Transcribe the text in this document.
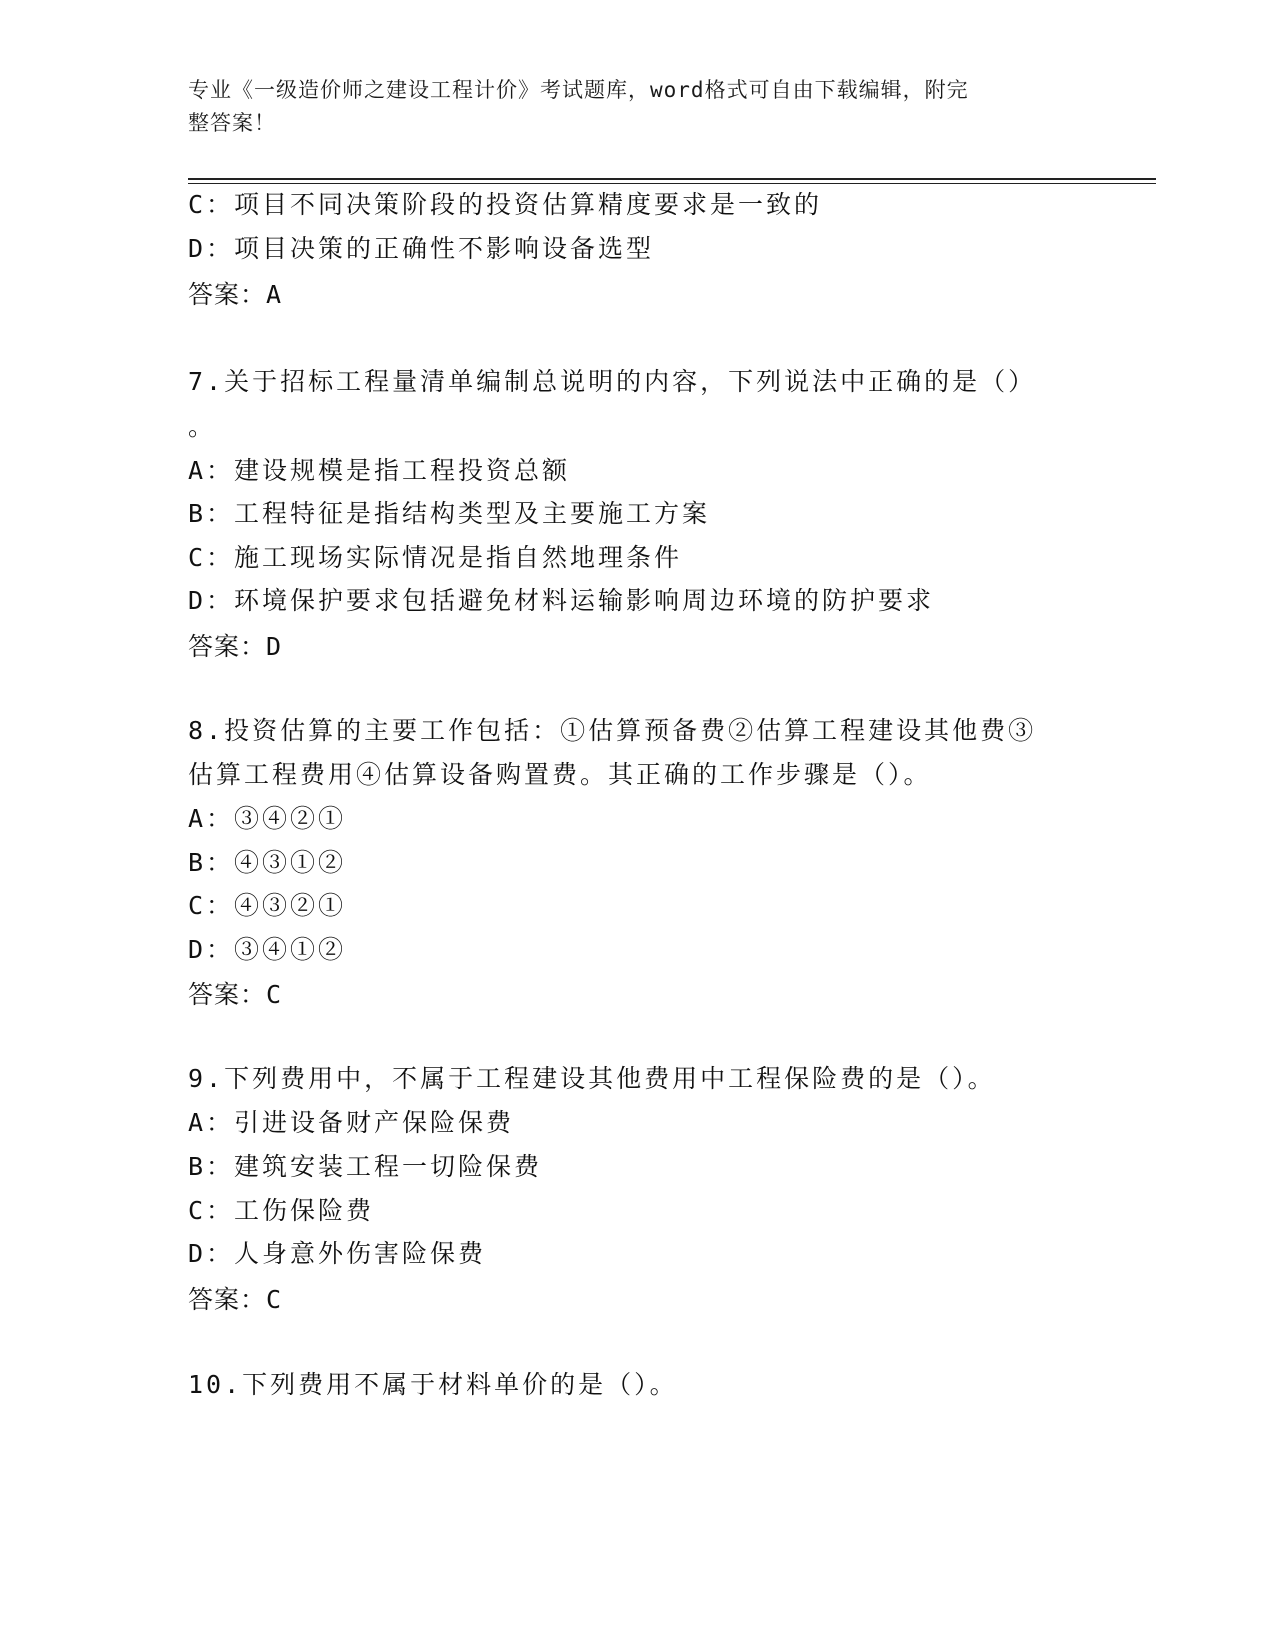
专业《一级造价师之建设工程计价》考试题库，word格式可自由下载编辑，附完
整答案！
C：项目不同决策阶段的投资估算精度要求是一致的
D：项目决策的正确性不影响设备选型
答案：A
7.关于招标工程量清单编制总说明的内容，下列说法中正确的是（）
。
A：建设规模是指工程投资总额
B：工程特征是指结构类型及主要施工方案
C：施工现场实际情况是指自然地理条件
D：环境保护要求包括避免材料运输影响周边环境的防护要求
答案：D
8.投资估算的主要工作包括：①估算预备费②估算工程建设其他费③
估算工程费用④估算设备购置费。其正确的工作步骤是（）。
A：③④②①
B：④③①②
C：④③②①
D：③④①②
答案：C
9.下列费用中，不属于工程建设其他费用中工程保险费的是（）。
A：引进设备财产保险保费
B：建筑安装工程一切险保费
C：工伤保险费
D：人身意外伤害险保费
答案：C
10.下列费用不属于材料单价的是（）。
